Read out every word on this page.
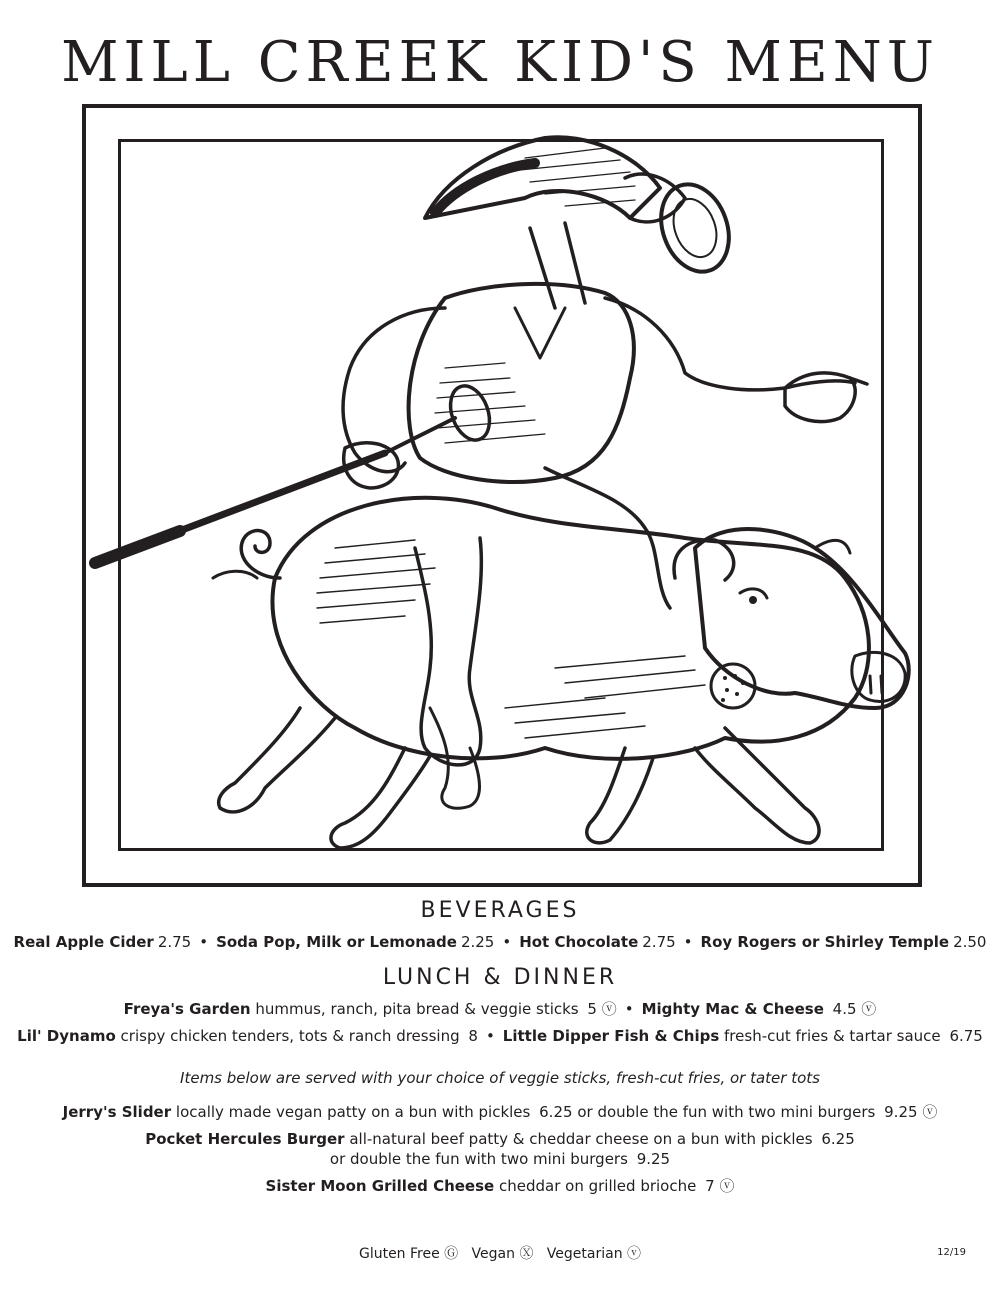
MILL CREEK KID'S MENU
BEVERAGES
Real Apple Cider 2.75 • Soda Pop, Milk or Lemonade 2.25 • Hot Chocolate 2.75 • Roy Rogers or Shirley Temple 2.50
LUNCH & DINNER
Freya's Garden hummus, ranch, pita bread & veggie sticks 5 ⓥ • Mighty Mac & Cheese 4.5 ⓥ
Lil' Dynamo crispy chicken tenders, tots & ranch dressing 8 • Little Dipper Fish & Chips fresh-cut fries & tartar sauce 6.75
Items below are served with your choice of veggie sticks, fresh-cut fries, or tater tots
Jerry's Slider locally made vegan patty on a bun with pickles 6.25 or double the fun with two mini burgers 9.25 ⓥ
Pocket Hercules Burger all-natural beef patty & cheddar cheese on a bun with pickles 6.25
or double the fun with two mini burgers 9.25
Sister Moon Grilled Cheese cheddar on grilled brioche 7 ⓥ
Gluten Free Ⓖ Vegan Ⓧ Vegetarian ⓥ	12/19
